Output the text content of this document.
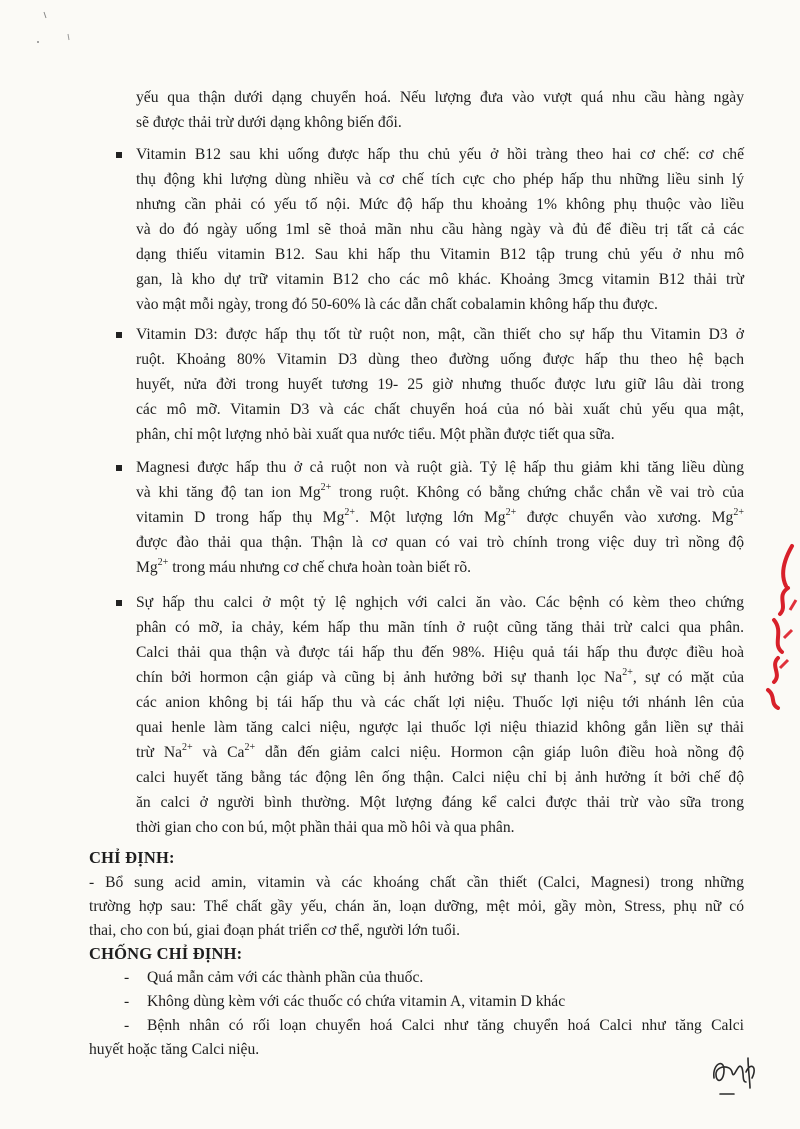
yếu qua thận dưới dạng chuyển hoá. Nếu lượng đưa vào vượt quá nhu cầu hàng ngày
sẽ được thải trừ dưới dạng không biến đổi.
Vitamin B12 sau khi uống được hấp thu chủ yếu ở hồi tràng theo hai cơ chế: cơ chế
thụ động khi lượng dùng nhiều và cơ chế tích cực cho phép hấp thu những liều sinh lý
nhưng cần phải có yếu tố nội. Mức độ hấp thu khoảng 1% không phụ thuộc vào liều
và do đó ngày uống 1ml sẽ thoả mãn nhu cầu hàng ngày và đủ để điều trị tất cả các
dạng thiếu vitamin B12. Sau khi hấp thu Vitamin B12 tập trung chủ yếu ở nhu mô
gan, là kho dự trữ vitamin B12 cho các mô khác. Khoảng 3mcg vitamin B12 thải trừ
vào mật mỗi ngày, trong đó 50-60% là các dẫn chất cobalamin không hấp thu được.
Vitamin D3: được hấp thụ tốt từ ruột non, mật, cần thiết cho sự hấp thu Vitamin D3 ở
ruột. Khoảng 80% Vitamin D3 dùng theo đường uống được hấp thu theo hệ bạch
huyết, nửa đời trong huyết tương 19- 25 giờ nhưng thuốc được lưu giữ lâu dài trong
các mô mỡ. Vitamin D3 và các chất chuyển hoá của nó bài xuất chủ yếu qua mật,
phân, chỉ một lượng nhỏ bài xuất qua nước tiểu. Một phần được tiết qua sữa.
Magnesi được hấp thu ở cả ruột non và ruột già. Tỷ lệ hấp thu giảm khi tăng liều dùng
và khi tăng độ tan ion $Mg^{2+}$ trong ruột. Không có bằng chứng chắc chắn về vai trò của
vitamin D trong hấp thụ $Mg^{2+}$. Một lượng lớn $Mg^{2+}$ được chuyển vào xương. $Mg^{2+}$
được đào thải qua thận. Thận là cơ quan có vai trò chính trong việc duy trì nồng độ
$Mg^{2+}$ trong máu nhưng cơ chế chưa hoàn toàn biết rõ.
Sự hấp thu calci ở một tỷ lệ nghịch với calci ăn vào. Các bệnh có kèm theo chứng
phân có mỡ, ỉa chảy, kém hấp thu mãn tính ở ruột cũng tăng thải trừ calci qua phân.
Calci thải qua thận và được tái hấp thu đến 98%. Hiệu quả tái hấp thu được điều hoà
chín bởi hormon cận giáp và cũng bị ảnh hưởng bởi sự thanh lọc $Na^{2+}$, sự có mặt của
các anion không bị tái hấp thu và các chất lợi niệu. Thuốc lợi niệu tới nhánh lên của
quai henle làm tăng calci niệu, ngược lại thuốc lợi niệu thiazid không gắn liền sự thải
trừ $Na^{2+}$ và $Ca^{2+}$ dẫn đến giảm calci niệu. Hormon cận giáp luôn điều hoà nồng độ
calci huyết tăng bằng tác động lên ống thận. Calci niệu chỉ bị ảnh hưởng ít bởi chế độ
ăn calci ở người bình thường. Một lượng đáng kể calci được thải trừ vào sữa trong
thời gian cho con bú, một phần thải qua mồ hôi và qua phân.
CHỈ ĐỊNH:
- Bổ sung acid amin, vitamin và các khoáng chất cần thiết (Calci, Magnesi) trong những
trường hợp sau: Thể chất gầy yếu, chán ăn, loạn dưỡng, mệt mỏi, gầy mòn, Stress, phụ nữ có
thai, cho con bú, giai đoạn phát triển cơ thể, người lớn tuổi.
CHỐNG CHỈ ĐỊNH:
- Quá mẫn cảm với các thành phần của thuốc.
- Không dùng kèm với các thuốc có chứa vitamin A, vitamin D khác
- Bệnh nhân có rối loạn chuyển hoá Calci như tăng chuyển hoá Calci như tăng Calci
huyết hoặc tăng Calci niệu.
